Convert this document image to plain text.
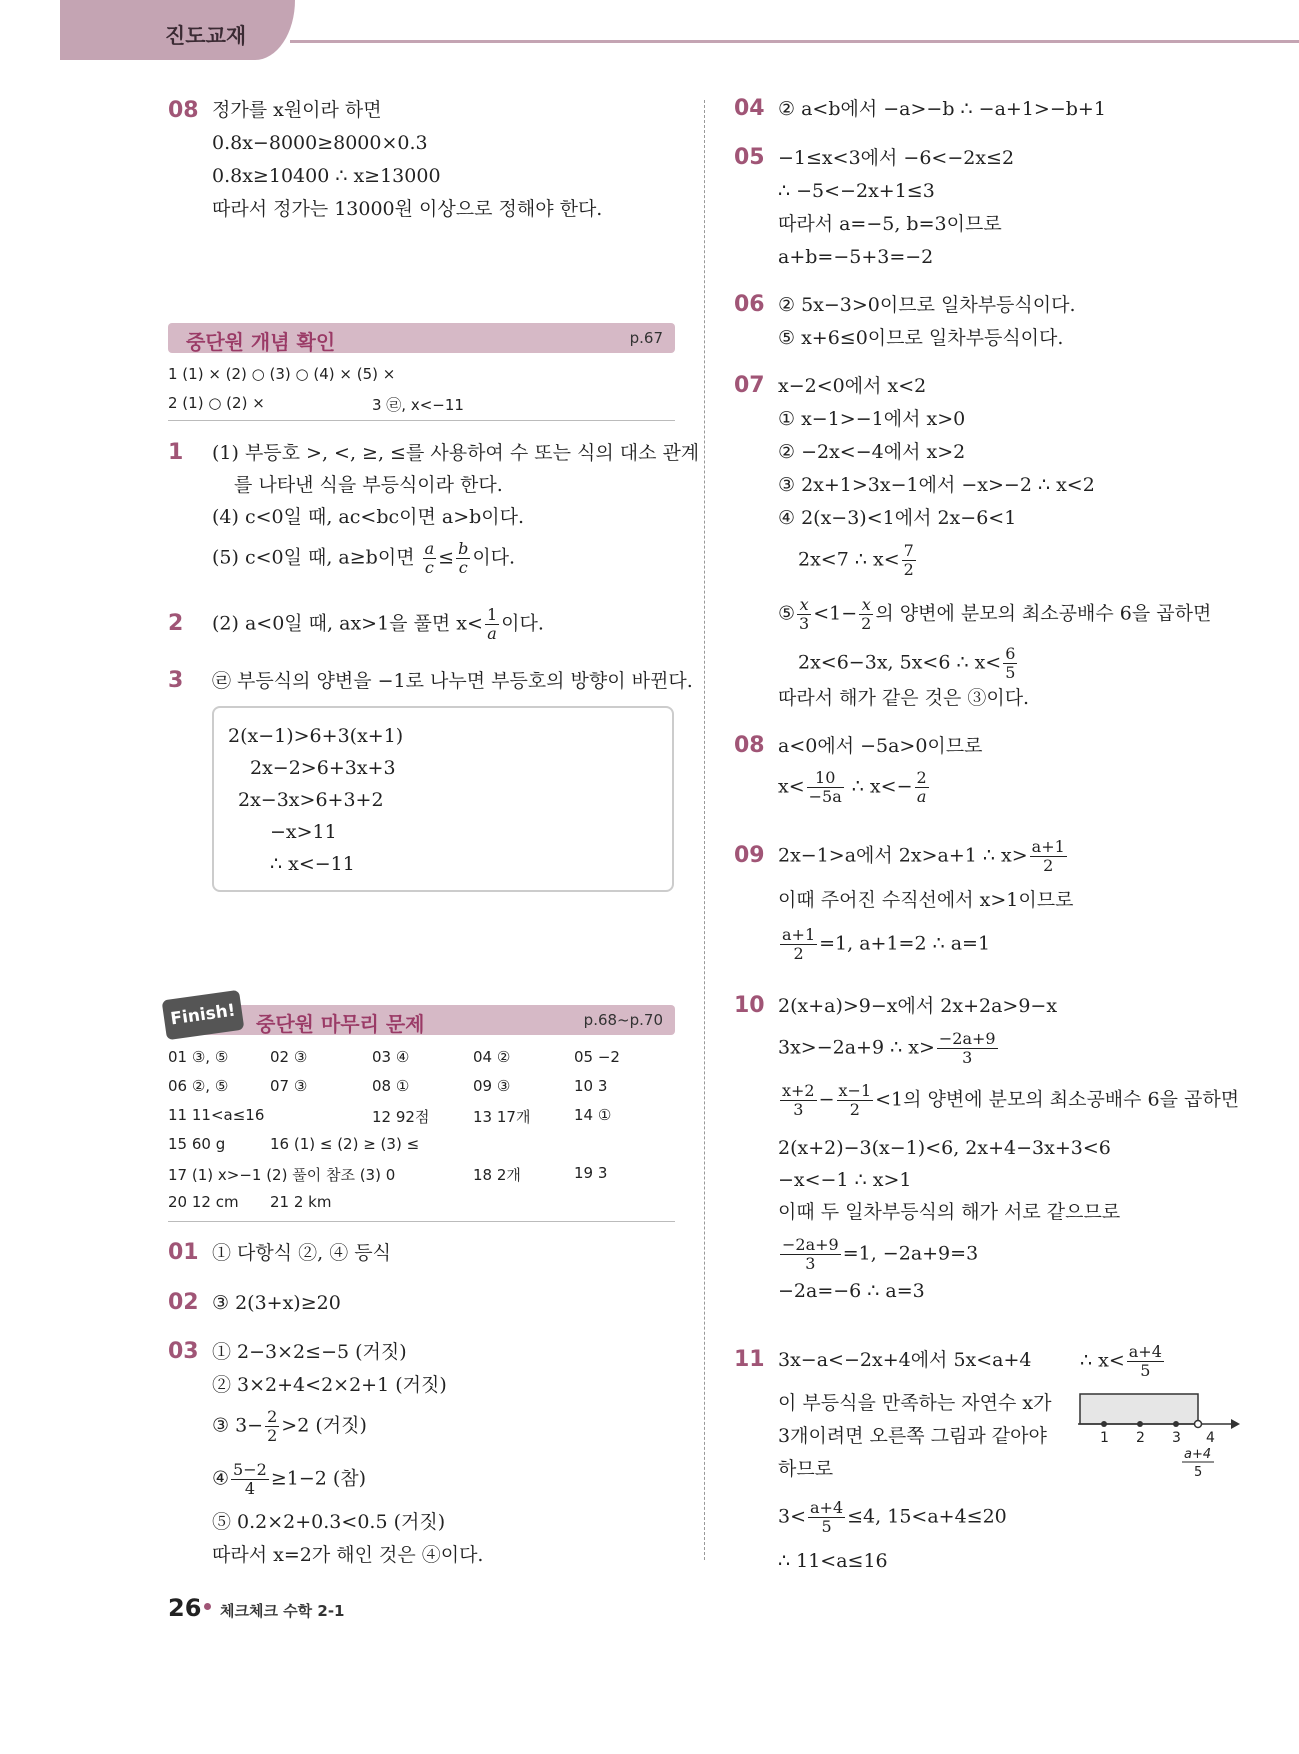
진도교재
08 정가를 x원이라 하면
0.8x−8000≥8000×0.3
0.8x≥10400 ∴ x≥13000
따라서 정가는 13000원 이상으로 정해야 한다.
중단원 개념 확인	p.67
1 (1) × (2) ○ (3) ○ (4) × (5) ×
2 (1) ○ (2) ×	3 ㉣, x<−11
1 (1) 부등호 >, <, ≥, ≤를 사용하여 수 또는 식의 대소 관계
를 나타낸 식을 부등식이라 한다.
(4) c<0일 때, ac<bc이면 a>b이다.
(5) c<0일 때, a≥b이면 $\frac{a}{c} \le \frac{b}{c}$ 이다.
2 (2) a<0일 때, ax>1을 풀면 $x< \frac{1}{a}$ 이다.
3 ㉣ 부등식의 양변을 −1로 나누면 부등호의 방향이 바뀐다.
2(x−1)>6+3(x+1)
2x−2>6+3x+3
2x−3x>6+3+2
−x>11
∴ x<−11
Finish! 중단원 마무리 문제	p.68~p.70
01 ③, ⑤	02 ③	03 ④	04 ②	05 −2
06 ②, ⑤	07 ③	08 ①	09 ③	10 3
11 11<a≤16	12 92점	13 17개	14 ①
15 60 g	16 (1) ≤ (2) ≥ (3) ≤
17 (1) x>−1 (2) 풀이 참조 (3) 0	18 2개	19 3
20 12 cm 21 2 km
01 ① 다항식 ②, ④ 등식
02 ③ 2(3+x)≥20
03 ① 2−3×2≤−5 (거짓)
② 3×2+4<2×2+1 (거짓)
③ $3- \frac{2}{2} >2$ (거짓)
④ $\frac{5-2}{4} \ge 1-2$ (참)
⑤ 0.2×2+0.3<0.5 (거짓)
따라서 x=2가 해인 것은 ④이다.
04 ② a<b에서 −a>−b ∴ −a+1>−b+1
05 −1≤x<3에서 −6<−2x≤2
∴ −5<−2x+1≤3
따라서 a=−5, b=3이므로
a+b=−5+3=−2
06 ② 5x−3>0이므로 일차부등식이다.
⑤ x+6≤0이므로 일차부등식이다.
07 x−2<0에서 x<2
① x−1>−1에서 x>0
② −2x<−4에서 x>2
③ 2x+1>3x−1에서 −x>−2 ∴ x<2
④ 2(x−3)<1에서 2x−6<1
2x<7 ∴ $x< \frac{7}{2}$
⑤ $\frac{x}{3} <1- \frac{x}{2}$ 의 양변에 분모의 최소공배수 6을 곱하면
2x<6−3x, 5x<6 ∴ $x< \frac{6}{5}$
따라서 해가 같은 것은 ③이다.
08 a<0에서 −5a>0이므로
$x< \frac{10}{-5a}$ ∴ $x<- \frac{2}{a}$
09 2x−1>a에서 2x>a+1 ∴ $x> \frac{a+1}{2}$
이때 주어진 수직선에서 x>1이므로
$\frac{a+1}{2} =1$, a+1=2 ∴ a=1
10 2(x+a)>9−x에서 2x+2a>9−x
3x>−2a+9 ∴ $x> \frac{-2a+9}{3}$
$\frac{x+2}{3} - \frac{x-1}{2} <1$의 양변에 분모의 최소공배수 6을 곱하면
2(x+2)−3(x−1)<6, 2x+4−3x+3<6
−x<−1 ∴ x>1
이때 두 일차부등식의 해가 서로 같으므로
$\frac{-2a+9}{3} =1$, −2a+9=3
−2a=−6 ∴ a=3
11 3x−a<−2x+4에서 5x<a+4	∴ $x< \frac{a+4}{5}$
이 부등식을 만족하는 자연수 x가
3개이려면 오른쪽 그림과 같아야
하므로
$3< \frac{a+4}{5} \le 4$, 15<a+4≤20
∴ 11<a≤16
1 2 3 4
a+4
5
26 체크체크 수학 2-1
